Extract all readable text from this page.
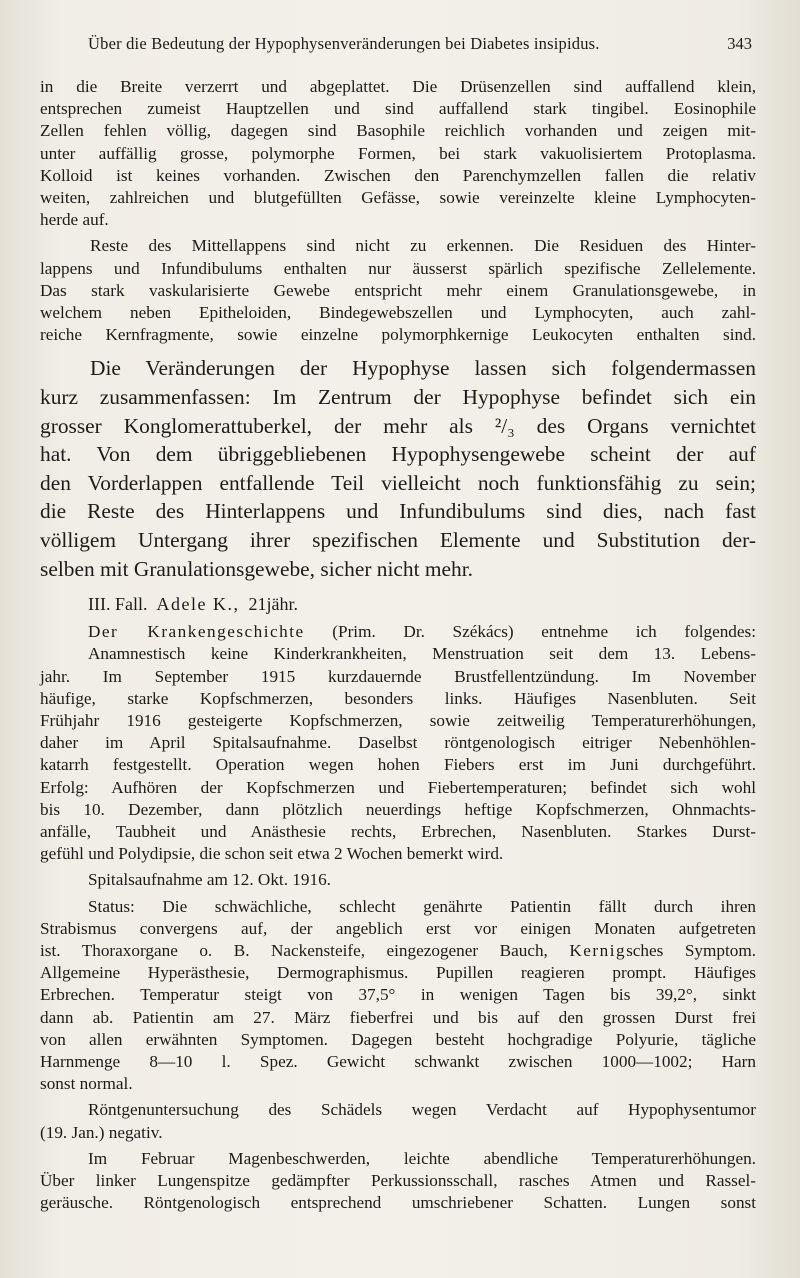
Über die Bedeutung der Hypophysenveränderungen bei Diabetes insipidus.	343
in die Breite verzerrt und abgeplattet. Die Drüsenzellen sind auffallend klein,
entsprechen zumeist Hauptzellen und sind auffallend stark tingibel. Eosinophile
Zellen fehlen völlig, dagegen sind Basophile reichlich vorhanden und zeigen mit-
unter auffällig grosse, polymorphe Formen, bei stark vakuolisiertem Protoplasma.
Kolloid ist keines vorhanden. Zwischen den Parenchymzellen fallen die relativ
weiten, zahlreichen und blutgefüllten Gefässe, sowie vereinzelte kleine Lymphocyten-
herde auf.
Reste des Mittellappens sind nicht zu erkennen. Die Residuen des Hinter-
lappens und Infundibulums enthalten nur äusserst spärlich spezifische Zellelemente.
Das stark vaskularisierte Gewebe entspricht mehr einem Granulationsgewebe, in
welchem neben Epitheloiden, Bindegewebszellen und Lymphocyten, auch zahl-
reiche Kernfragmente, sowie einzelne polymorphkernige Leukocyten enthalten sind.
Die Veränderungen der Hypophyse lassen sich folgendermassen
kurz zusammenfassen: Im Zentrum der Hypophyse befindet sich ein
grosser Konglomerattuberkel, der mehr als ²/₃ des Organs vernichtet
hat. Von dem übriggebliebenen Hypophysengewebe scheint der auf
den Vorderlappen entfallende Teil vielleicht noch funktionsfähig zu sein;
die Reste des Hinterlappens und Infundibulums sind dies, nach fast
völligem Untergang ihrer spezifischen Elemente und Substitution der-
selben mit Granulationsgewebe, sicher nicht mehr.
III. Fall. Adele K., 21jähr.
Der Krankengeschichte (Prim. Dr. Székács) entnehme ich folgendes:
Anamnestisch keine Kinderkrankheiten, Menstruation seit dem 13. Lebens-
jahr. Im September 1915 kurzdauernde Brustfellentzündung. Im November
häufige, starke Kopfschmerzen, besonders links. Häufiges Nasenbluten. Seit
Frühjahr 1916 gesteigerte Kopfschmerzen, sowie zeitweilig Temperaturerhöhungen,
daher im April Spitalsaufnahme. Daselbst röntgenologisch eitriger Nebenhöhlen-
katarrh festgestellt. Operation wegen hohen Fiebers erst im Juni durchgeführt.
Erfolg: Aufhören der Kopfschmerzen und Fiebertemperaturen; befindet sich wohl
bis 10. Dezember, dann plötzlich neuerdings heftige Kopfschmerzen, Ohnmachts-
anfälle, Taubheit und Anästhesie rechts, Erbrechen, Nasenbluten. Starkes Durst-
gefühl und Polydipsie, die schon seit etwa 2 Wochen bemerkt wird.
Spitalsaufnahme am 12. Okt. 1916.
Status: Die schwächliche, schlecht genährte Patientin fällt durch ihren
Strabismus convergens auf, der angeblich erst vor einigen Monaten aufgetreten
ist. Thoraxorgane o. B. Nackensteife, eingezogener Bauch, Kernigsches Symptom.
Allgemeine Hyperästhesie, Dermographismus. Pupillen reagieren prompt. Häufiges
Erbrechen. Temperatur steigt von 37,5° in wenigen Tagen bis 39,2°, sinkt
dann ab. Patientin am 27. März fieberfrei und bis auf den grossen Durst frei
von allen erwähnten Symptomen. Dagegen besteht hochgradige Polyurie, tägliche
Harnmenge 8—10 l. Spez. Gewicht schwankt zwischen 1000—1002; Harn
sonst normal.
Röntgenuntersuchung des Schädels wegen Verdacht auf Hypophysentumor
(19. Jan.) negativ.
Im Februar Magenbeschwerden, leichte abendliche Temperaturerhöhungen.
Über linker Lungenspitze gedämpfter Perkussionsschall, rasches Atmen und Rassel-
geräusche. Röntgenologisch entsprechend umschriebener Schatten. Lungen sonst
